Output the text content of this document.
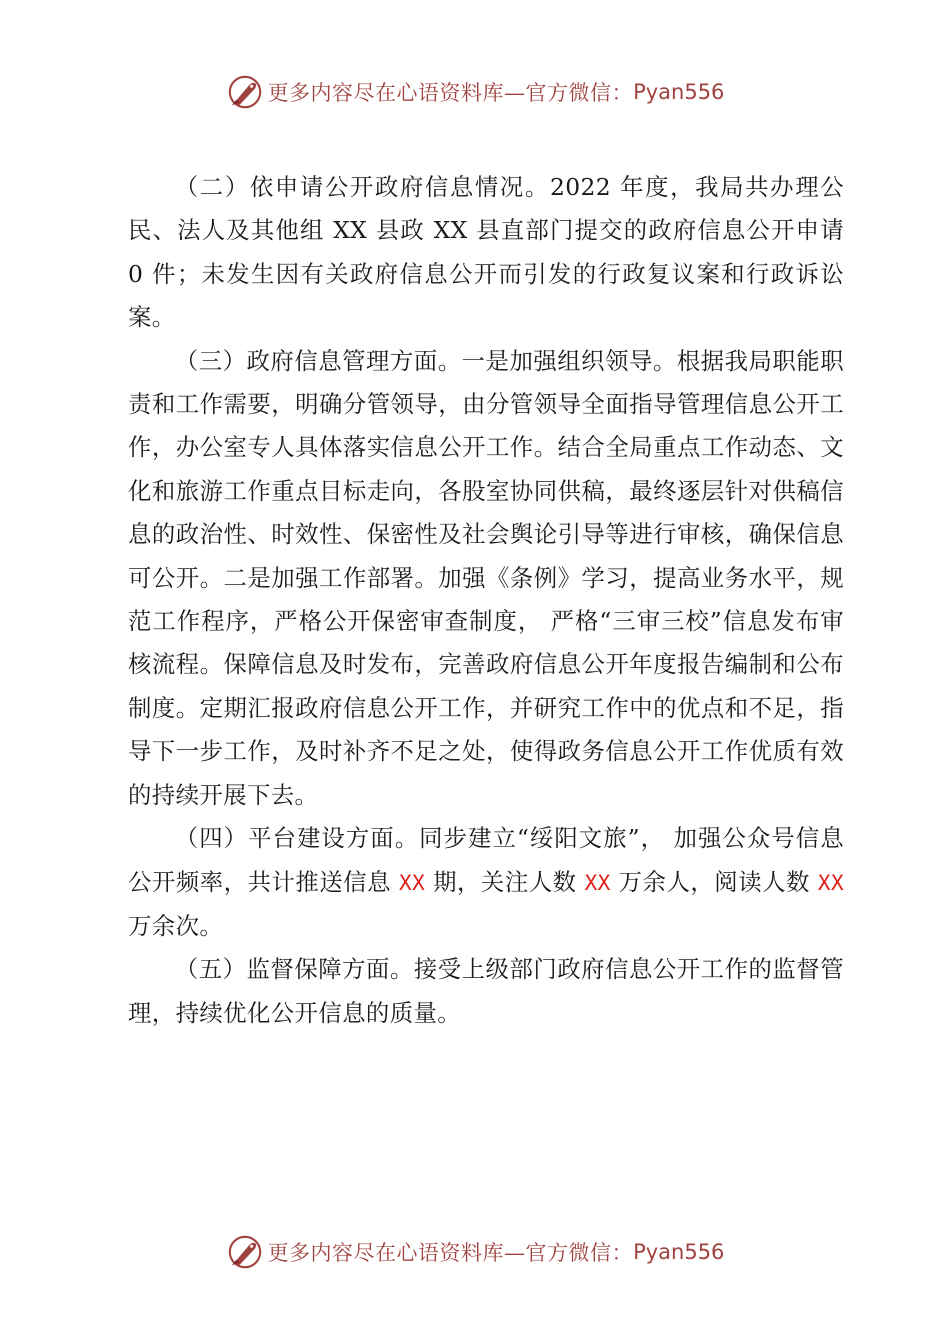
更多内容尽在心语资料库—官方微信： Pyan556

（二）依申请公开政府信息情况。2022 年度，我局共办理公民、法人及其他组 XX 县政 XX 县直部门提交的政府信息公开申请 0 件；未发生因有关政府信息公开而引发的行政复议案和行政诉讼案。

（三）政府信息管理方面。一是加强组织领导。根据我局职能职责和工作需要，明确分管领导，由分管领导全面指导管理信息公开工作，办公室专人具体落实信息公开工作。结合全局重点工作动态、文化和旅游工作重点目标走向，各股室协同供稿，最终逐层针对供稿信息的政治性、时效性、保密性及社会舆论引导等进行审核，确保信息可公开。二是加强工作部署。加强《条例》学习，提高业务水平，规范工作程序，严格公开保密审查制度， 严格“三审三校”信息发布审核流程。保障信息及时发布，完善政府信息公开年度报告编制和公布制度。定期汇报政府信息公开工作，并研究工作中的优点和不足，指导下一步工作，及时补齐不足之处，使得政务信息公开工作优质有效的持续开展下去。

（四）平台建设方面。同步建立“绥阳文旅”， 加强公众号信息公开频率，共计推送信息 XX 期，关注人数 XX 万余人，阅读人数 XX 万余次。

（五）监督保障方面。接受上级部门政府信息公开工作的监督管理，持续优化公开信息的质量。

更多内容尽在心语资料库—官方微信： Pyan556
